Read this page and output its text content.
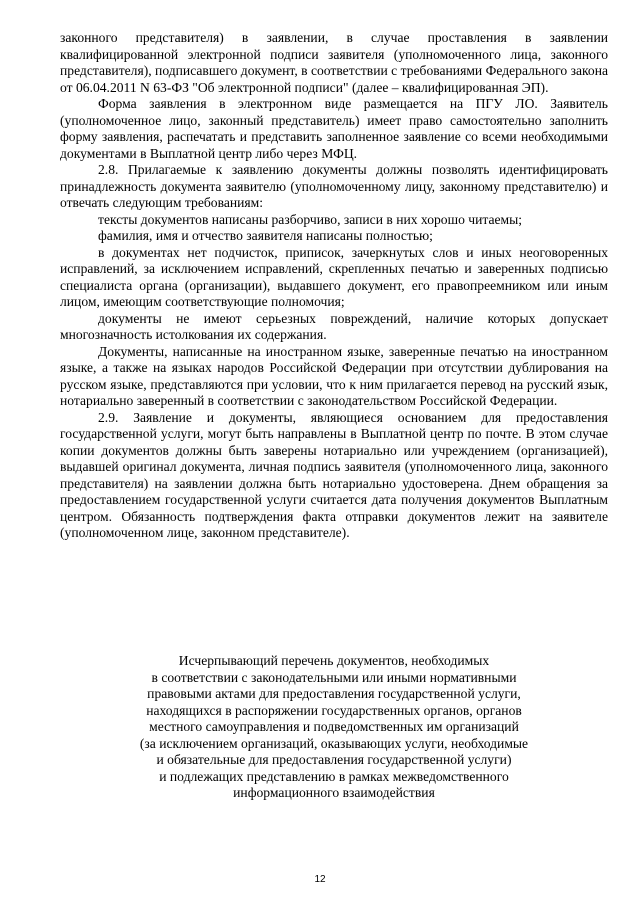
законного представителя) в заявлении, в случае проставления в заявлении квалифицированной электронной подписи заявителя (уполномоченного лица, законного представителя), подписавшего документ, в соответствии с требованиями Федерального закона от 06.04.2011 N 63-ФЗ "Об электронной подписи" (далее – квалифицированная ЭП).

Форма заявления в электронном виде размещается на ПГУ ЛО. Заявитель (уполномоченное лицо, законный представитель) имеет право самостоятельно заполнить форму заявления, распечатать и представить заполненное заявление со всеми необходимыми документами в Выплатной центр либо через МФЦ.

2.8. Прилагаемые к заявлению документы должны позволять идентифицировать принадлежность документа заявителю (уполномоченному лицу, законному представителю) и отвечать следующим требованиям:

тексты документов написаны разборчиво, записи в них хорошо читаемы;

фамилия, имя и отчество заявителя написаны полностью;

в документах нет подчисток, приписок, зачеркнутых слов и иных неоговоренных исправлений, за исключением исправлений, скрепленных печатью и заверенных подписью специалиста органа (организации), выдавшего документ, его правопреемником или иным лицом, имеющим соответствующие полномочия;

документы не имеют серьезных повреждений, наличие которых допускает многозначность истолкования их содержания.

Документы, написанные на иностранном языке, заверенные печатью на иностранном языке, а также на языках народов Российской Федерации при отсутствии дублирования на русском языке, представляются при условии, что к ним прилагается перевод на русский язык, нотариально заверенный в соответствии с законодательством Российской Федерации.

2.9. Заявление и документы, являющиеся основанием для предоставления государственной услуги, могут быть направлены в Выплатной центр по почте. В этом случае копии документов должны быть заверены нотариально или учреждением (организацией), выдавшей оригинал документа, личная подпись заявителя (уполномоченного лица, законного представителя) на заявлении должна быть нотариально удостоверена. Днем обращения за предоставлением государственной услуги считается дата получения документов Выплатным центром. Обязанность подтверждения факта отправки документов лежит на заявителе (уполномоченном лице, законном представителе).

Исчерпывающий перечень документов, необходимых
в соответствии с законодательными или иными нормативными
правовыми актами для предоставления государственной услуги,
находящихся в распоряжении государственных органов, органов
местного самоуправления и подведомственных им организаций
(за исключением организаций, оказывающих услуги, необходимые
и обязательные для предоставления государственной услуги)
и подлежащих представлению в рамках межведомственного
информационного взаимодействия
12
